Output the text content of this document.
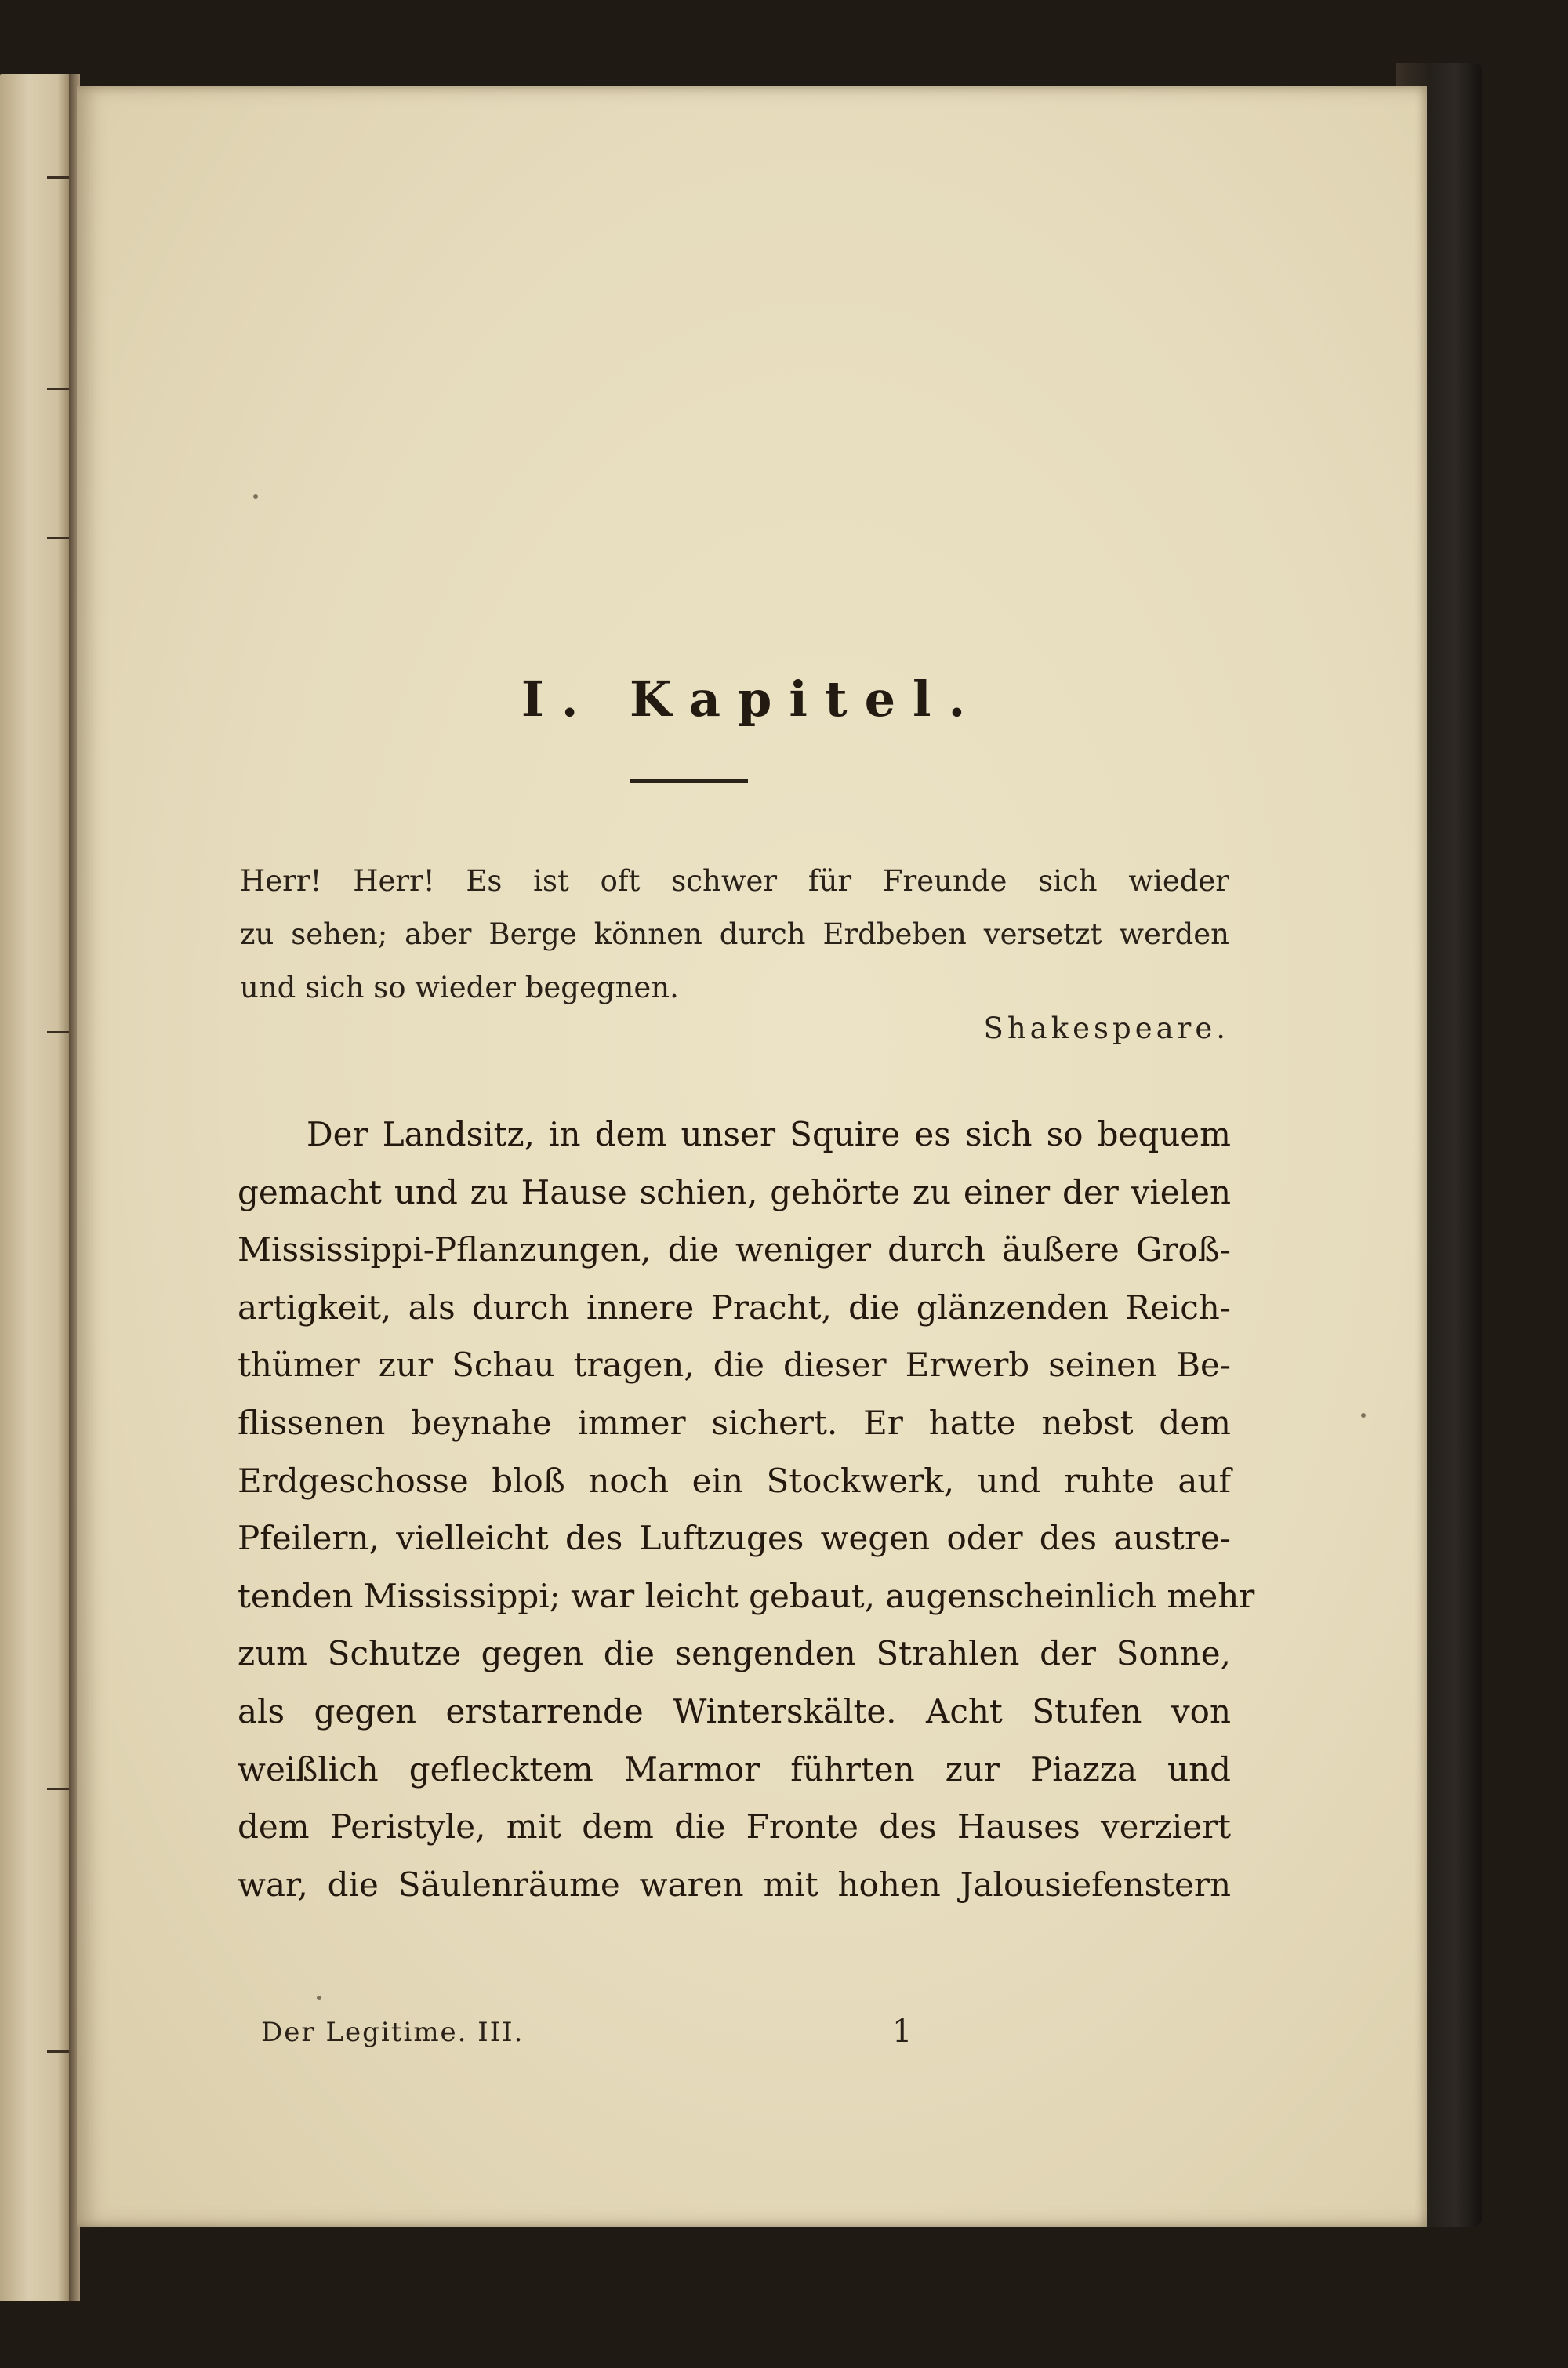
I. Kapitel.
Herr! Herr! Es ist oft schwer für Freunde sich wieder
zu sehen; aber Berge können durch Erdbeben versetzt werden
und sich so wieder begegnen.
Shakespeare.
Der Landsitz, in dem unser Squire es sich so bequem
gemacht und zu Hause schien, gehörte zu einer der vielen
Mississippi-Pflanzungen, die weniger durch äußere Groß-
artigkeit, als durch innere Pracht, die glänzenden Reich-
thümer zur Schau tragen, die dieser Erwerb seinen Be-
flissenen beynahe immer sichert. Er hatte nebst dem
Erdgeschosse bloß noch ein Stockwerk, und ruhte auf
Pfeilern, vielleicht des Luftzuges wegen oder des austre-
tenden Mississippi; war leicht gebaut, augenscheinlich mehr
zum Schutze gegen die sengenden Strahlen der Sonne,
als gegen erstarrende Winterskälte. Acht Stufen von
weißlich geflecktem Marmor führten zur Piazza und
dem Peristyle, mit dem die Fronte des Hauses verziert
war, die Säulenräume waren mit hohen Jalousiefenstern
Der Legitime. III.	1
